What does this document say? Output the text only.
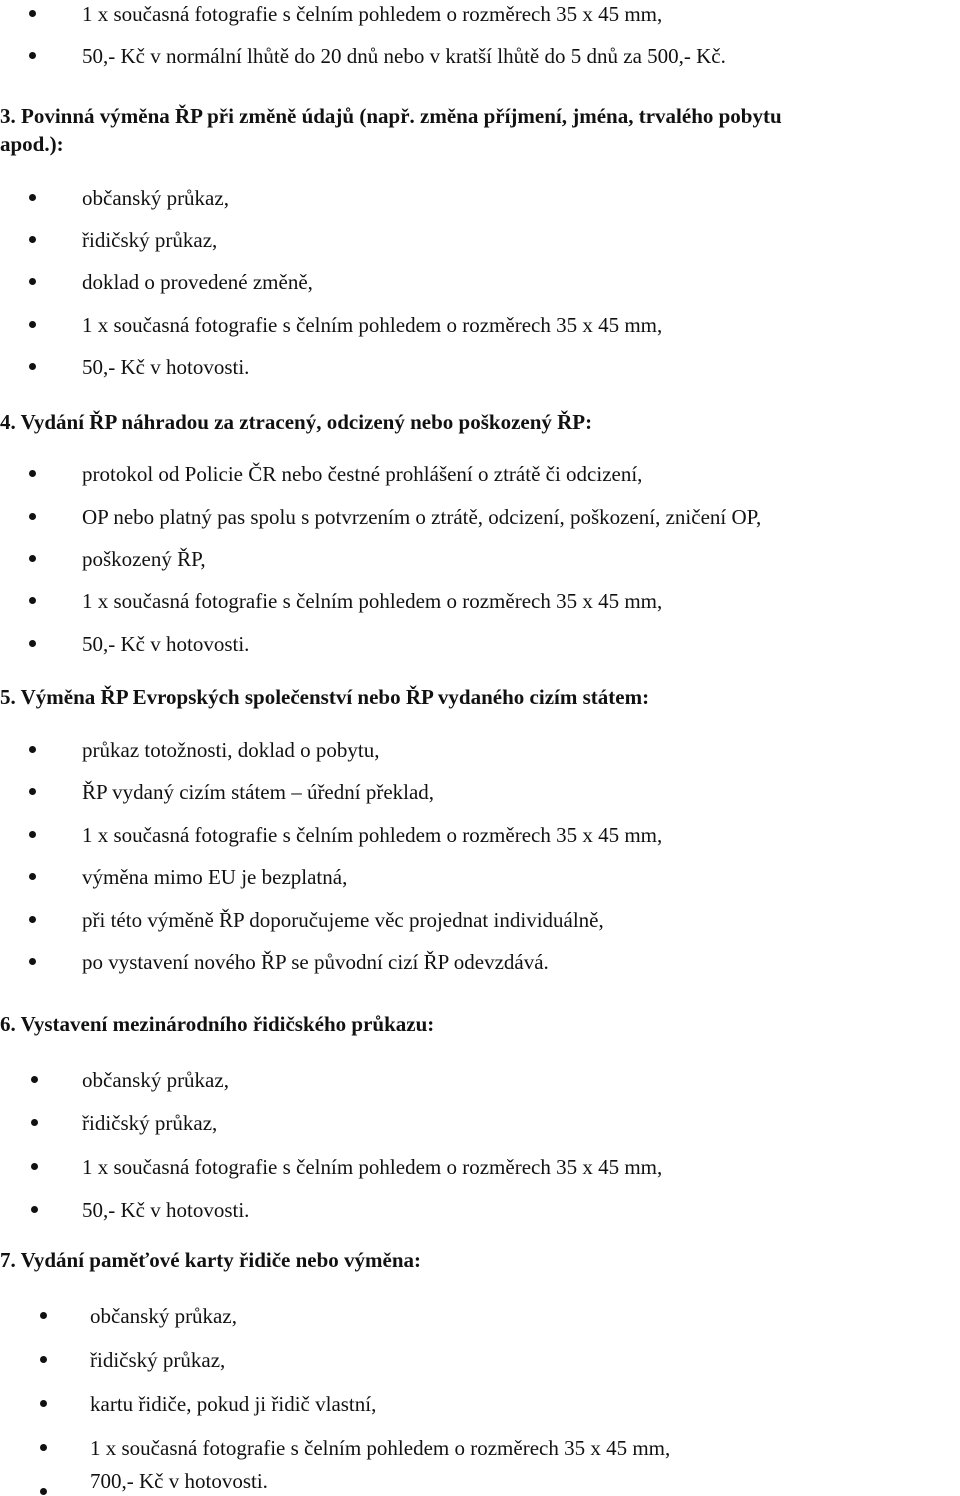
1 x současná fotografie s čelním pohledem o rozměrech 35 x 45 mm,
50,- Kč v normální lhůtě do 20 dnů nebo v kratší lhůtě do 5 dnů za 500,- Kč.
3. Povinná výměna ŘP při změně údajů (např. změna příjmení, jména, trvalého pobytu
apod.):
občanský průkaz,
řidičský průkaz,
doklad o provedené změně,
1 x současná fotografie s čelním pohledem o rozměrech 35 x 45 mm,
50,- Kč v hotovosti.
4. Vydání ŘP náhradou za ztracený, odcizený nebo poškozený ŘP:
protokol od Policie ČR nebo čestné prohlášení o ztrátě či odcizení,
OP nebo platný pas spolu s potvrzením o ztrátě, odcizení, poškození, zničení OP,
poškozený ŘP,
1 x současná fotografie s čelním pohledem o rozměrech 35 x 45 mm,
50,- Kč v hotovosti.
5. Výměna ŘP Evropských společenství nebo ŘP vydaného cizím státem:
průkaz totožnosti, doklad o pobytu,
ŘP vydaný cizím státem – úřední překlad,
1 x současná fotografie s čelním pohledem o rozměrech 35 x 45 mm,
výměna mimo EU je bezplatná,
při této výměně ŘP doporučujeme věc projednat individuálně,
po vystavení nového ŘP se původní cizí ŘP odevzdává.
6. Vystavení mezinárodního řidičského průkazu:
občanský průkaz,
řidičský průkaz,
1 x současná fotografie s čelním pohledem o rozměrech 35 x 45 mm,
50,- Kč v hotovosti.
7. Vydání paměťové karty řidiče nebo výměna:
občanský průkaz,
řidičský průkaz,
kartu řidiče, pokud ji řidič vlastní,
1 x současná fotografie s čelním pohledem o rozměrech 35 x 45 mm,
700,- Kč v hotovosti.
